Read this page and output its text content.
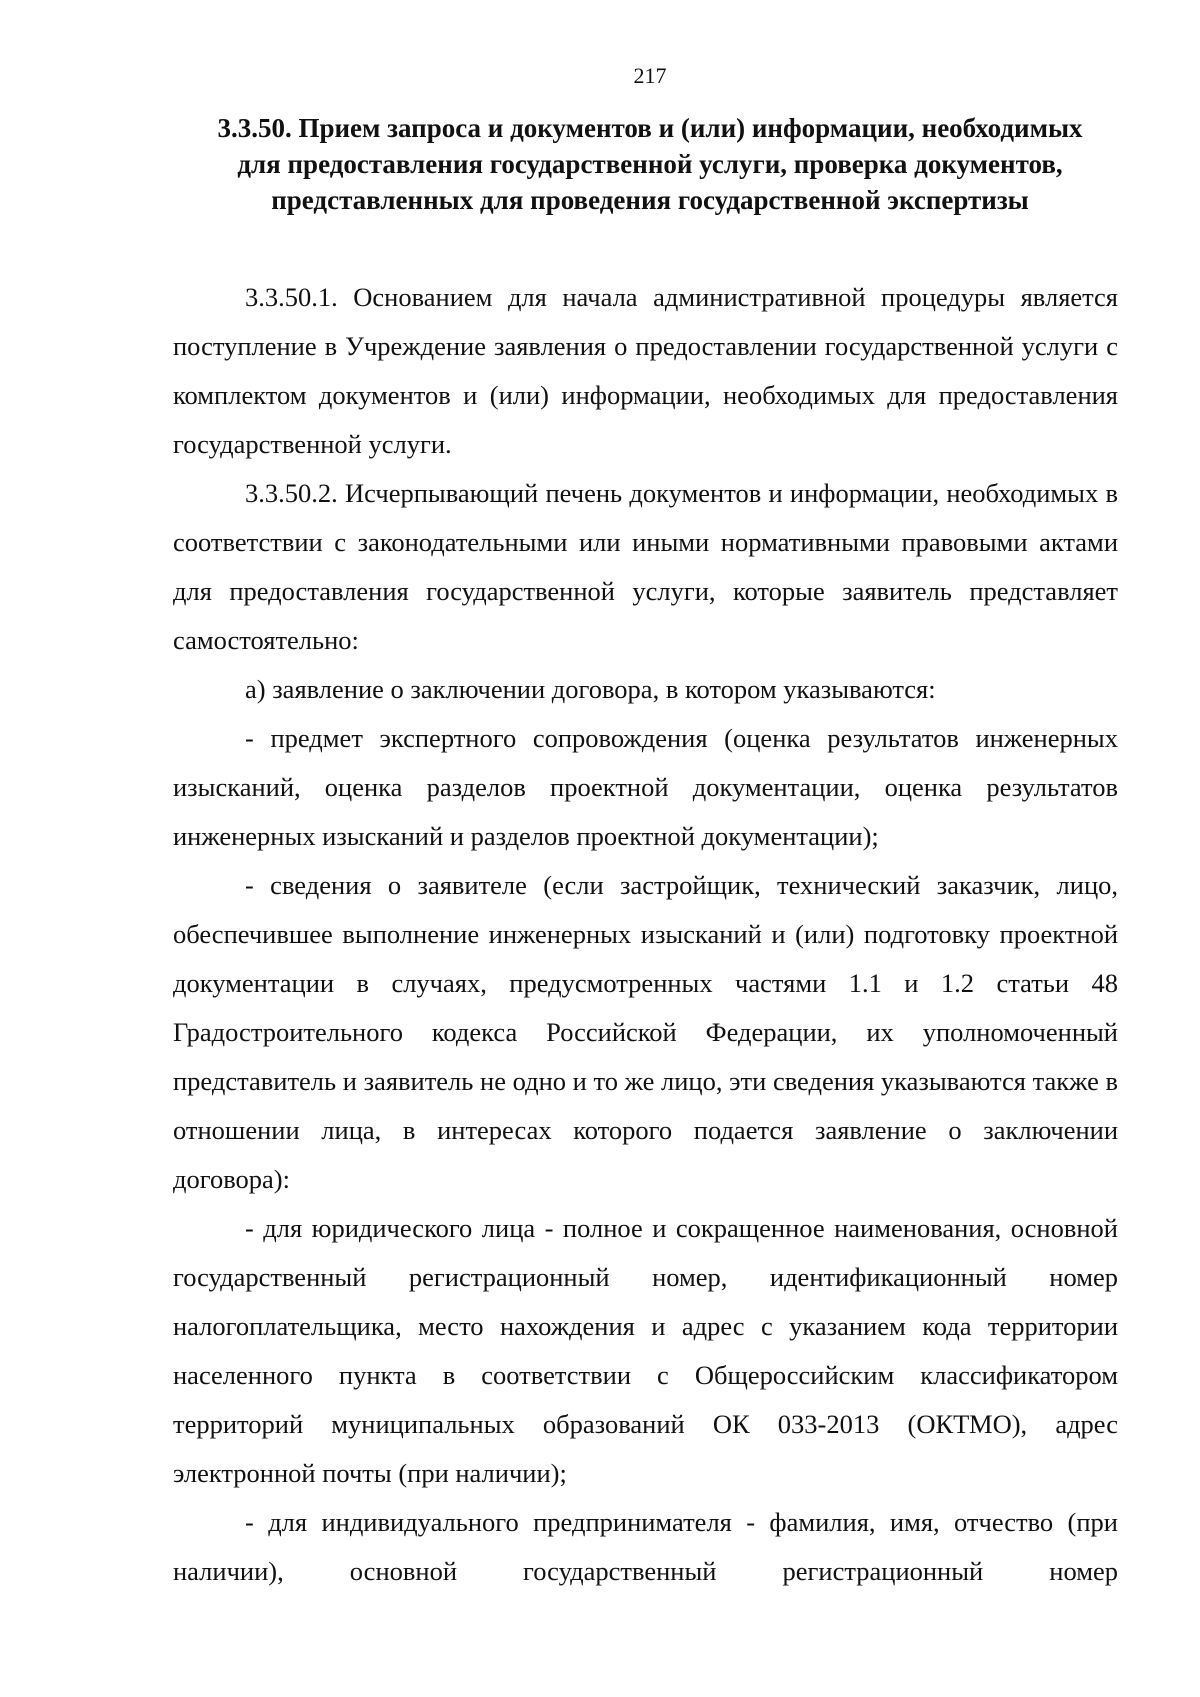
217
3.3.50. Прием запроса и документов и (или) информации, необходимых для предоставления государственной услуги, проверка документов, представленных для проведения государственной экспертизы

3.3.50.1. Основанием для начала административной процедуры является поступление в Учреждение заявления о предоставлении государственной услуги с комплектом документов и (или) информации, необходимых для предоставления государственной услуги.

3.3.50.2. Исчерпывающий печень документов и информации, необходимых в соответствии с законодательными или иными нормативными правовыми актами для предоставления государственной услуги, которые заявитель представляет самостоятельно:

а) заявление о заключении договора, в котором указываются:

- предмет экспертного сопровождения (оценка результатов инженерных изысканий, оценка разделов проектной документации, оценка результатов инженерных изысканий и разделов проектной документации);

- сведения о заявителе (если застройщик, технический заказчик, лицо, обеспечившее выполнение инженерных изысканий и (или) подготовку проектной документации в случаях, предусмотренных частями 1.1 и 1.2 статьи 48 Градостроительного кодекса Российской Федерации, их уполномоченный представитель и заявитель не одно и то же лицо, эти сведения указываются также в отношении лица, в интересах которого подается заявление о заключении договора):

- для юридического лица - полное и сокращенное наименования, основной государственный регистрационный номер, идентификационный номер налогоплательщика, место нахождения и адрес с указанием кода территории населенного пункта в соответствии с Общероссийским классификатором территорий муниципальных образований ОК 033-2013 (ОКТМО), адрес электронной почты (при наличии);

- для индивидуального предпринимателя - фамилия, имя, отчество (при наличии), основной государственный регистрационный номер
